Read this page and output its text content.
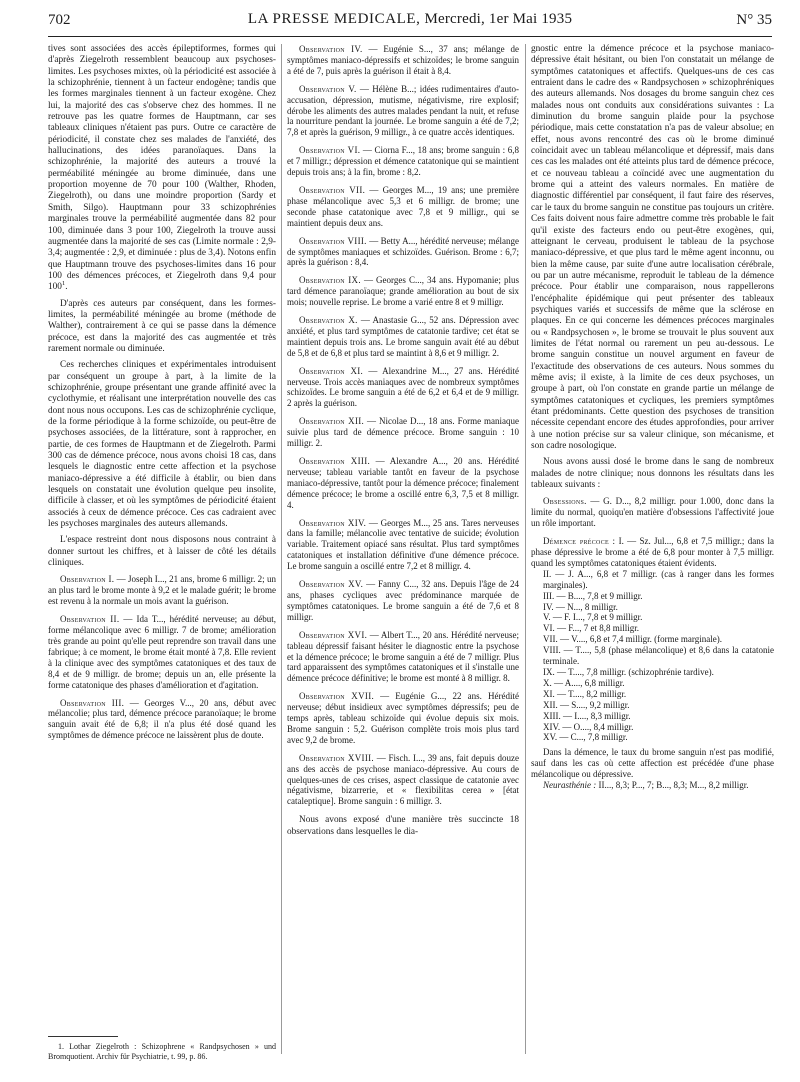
702	LA PRESSE MEDICALE, Mercredi, 1er Mai 1935	N° 35

tives sont associées des accès épileptiformes, formes qui d'après Ziegelroth ressemblent beaucoup aux psychoses-limites. Les psychoses mixtes, où la périodicité est associée à la schizophrénie, tiennent à un facteur endogène; tandis que les formes marginales tiennent à un facteur exogène. Chez lui, la majorité des cas s'observe chez des hommes. Il ne retrouve pas les quatre formes de Hauptmann, car ses tableaux cliniques n'étaient pas purs. Outre ce caractère de périodicité, il constate chez ses malades de l'anxiété, des hallucinations, des idées paranoïaques. Dans la schizophrénie, la majorité des auteurs a trouvé la perméabilité méningée au brome diminuée, dans une proportion moyenne de 70 pour 100 (Walther, Rhoden, Ziegelroth), ou dans une moindre proportion (Sardy et Smith, Silgo). Hauptmann pour 33 schizophrénies marginales trouve la perméabilité augmentée dans 82 pour 100, diminuée dans 3 pour 100, Ziegelroth la trouve aussi augmentée dans la majorité de ses cas (Limite normale : 2,9-3,4; augmentée : 2,9, et diminuée : plus de 3,4). Notons enfin que Hauptmann trouve des psychoses-limites dans 16 pour 100 des démences précoces, et Ziegelroth dans 9,4 pour $100^1$.

D'après ces auteurs par conséquent, dans les formes-limites, la perméabilité méningée au brome (méthode de Walther), contrairement à ce qui se passe dans la démence précoce, est dans la majorité des cas augmentée et très rarement normale ou diminuée.

Ces recherches cliniques et expérimentales introduisent par conséquent un groupe à part, à la limite de la schizophrénie, groupe présentant une grande affinité avec la cyclothymie, et réalisant une interprétation nouvelle des cas dont nous nous occupons. Les cas de schizophrénie cyclique, de la forme périodique à la forme schizoïde, ou peut-être de psychoses associées, de la littérature, sont à rapprocher, en partie, de ces formes de Hauptmann et de Ziegelroth. Parmi 300 cas de démence précoce, nous avons choisi 18 cas, dans lesquels le diagnostic entre cette affection et la psychose maniaco-dépressive a été difficile à établir, ou bien dans lesquels on constatait une évolution quelque peu insolite, difficile à classer, et où les symptômes de périodicité étaient associés à ceux de démence précoce. Ces cas cadraient avec les psychoses marginales des auteurs allemands.

L'espace restreint dont nous disposons nous contraint à donner surtout les chiffres, et à laisser de côté les détails cliniques.

Observation I. — Joseph I..., 21 ans, brome 6 milligr. 2; un an plus tard le brome monte à 9,2 et le malade guérit; le brome est revenu à la normale un mois avant la guérison.

Observation II. — Ida T..., hérédité nerveuse; au début, forme mélancolique avec 6 milligr. 7 de brome; amélioration très grande au point qu'elle peut reprendre son travail dans une fabrique; à ce moment, le brome était monté à 7,8. Elle revient à la clinique avec des symptômes catatoniques et des taux de 8,4 et de 9 milligr. de brome; depuis un an, elle présente la forme catatonique des phases d'amélioration et d'agitation.

Observation III. — Georges V..., 20 ans, début avec mélancolie; plus tard, démence précoce paranoïaque; le brome sanguin avait été de 6,8; il n'a plus été dosé quand les symptômes de démence précoce ne laissèrent plus de doute.

1. Lothar Ziegelroth : Schizophrene « Randpsychosen » und Bromquotient. Archiv für Psychiatrie, t. 99, p. 86.

Observation IV. — Eugénie S..., 37 ans; mélange de symptômes maniaco-dépressifs et schizoïdes; le brome sanguin a été de 7, puis après la guérison il était à 8,4.

Observation V. — Hélène B...; idées rudimentaires d'auto-accusation, dépression, mutisme, négativisme, rire explosif; dérobe les aliments des autres malades pendant la nuit, et refuse la nourriture pendant la journée. Le brome sanguin a été de 7,2; 7,8 et après la guérison, 9 milligr., à ce quatre accès identiques.

Observation VI. — Ciorna F..., 18 ans; brome sanguin : 6,8 et 7 milligr.; dépression et démence catatonique qui se maintient depuis trois ans; à la fin, brome : 8,2.

Observation VII. — Georges M..., 19 ans; une première phase mélancolique avec 5,3 et 6 milligr. de brome; une seconde phase catatonique avec 7,8 et 9 milligr., qui se maintient depuis deux ans.

Observation VIII. — Betty A..., hérédité nerveuse; mélange de symptômes maniaques et schizoïdes. Guérison. Brome : 6,7; après la guérison : 8,4.

Observation IX. — Georges C..., 34 ans. Hypomanie; plus tard démence paranoïaque; grande amélioration au bout de six mois; nouvelle reprise. Le brome a varié entre 8 et 9 milligr.

Observation X. — Anastasie G..., 52 ans. Dépression avec anxiété, et plus tard symptômes de catatonie tardive; cet état se maintient depuis trois ans. Le brome sanguin avait été au début de 5,8 et de 6,8 et plus tard se maintint à 8,6 et 9 milligr. 2.

Observation XI. — Alexandrine M..., 27 ans. Hérédité nerveuse. Trois accès maniaques avec de nombreux symptômes schizoïdes. Le brome sanguin a été de 6,2 et 6,4 et de 9 milligr. 2 après la guérison.

Observation XII. — Nicolae D..., 18 ans. Forme maniaque suivie plus tard de démence précoce. Brome sanguin : 10 milligr. 2.

Observation XIII. — Alexandre A..., 20 ans. Hérédité nerveuse; tableau variable tantôt en faveur de la psychose maniaco-dépressive, tantôt pour la démence précoce; finalement démence précoce; le brome a oscillé entre 6,3, 7,5 et 8 milligr. 4.

Observation XIV. — Georges M..., 25 ans. Tares nerveuses dans la famille; mélancolie avec tentative de suicide; évolution variable. Traitement opiacé sans résultat. Plus tard symptômes catatoniques et installation définitive d'une démence précoce. Le brome sanguin a oscillé entre 7,2 et 8 milligr. 4.

Observation XV. — Fanny C..., 32 ans. Depuis l'âge de 24 ans, phases cycliques avec prédominance marquée de symptômes catatoniques. Le brome sanguin a été de 7,6 et 8 milligr.

Observation XVI. — Albert T..., 20 ans. Hérédité nerveuse; tableau dépressif faisant hésiter le diagnostic entre la psychose et la démence précoce; le brome sanguin a été de 7 milligr. Plus tard apparaissent des symptômes catatoniques et il s'installe une démence précoce définitive; le brome est monté à 8 milligr. 8.

Observation XVII. — Eugénie G..., 22 ans. Hérédité nerveuse; début insidieux avec symptômes dépressifs; peu de temps après, tableau schizoïde qui évolue depuis six mois. Brome sanguin : 5,2. Guérison complète trois mois plus tard avec 9,2 de brome.

Observation XVIII. — Fisch. I..., 39 ans, fait depuis douze ans des accès de psychose maniaco-dépressive. Au cours de quelques-unes de ces crises, aspect classique de catatonie avec négativisme, bizarrerie, et « flexibilitas cerea » [état cataleptique]. Brome sanguin : 6 milligr. 3.

Nous avons exposé d'une manière très succincte 18 observations dans lesquelles le dia-

gnostic entre la démence précoce et la psychose maniaco-dépressive était hésitant, ou bien l'on constatait un mélange de symptômes catatoniques et affectifs. Quelques-uns de ces cas entraient dans le cadre des « Randpsychosen » schizophréniques des auteurs allemands. Nos dosages du brome sanguin chez ces malades nous ont conduits aux considérations suivantes : La diminution du brome sanguin plaide pour la psychose périodique, mais cette constatation n'a pas de valeur absolue; en effet, nous avons rencontré des cas où le brome diminué coïncidait avec un tableau mélancolique et dépressif, mais dans ces cas les malades ont été atteints plus tard de démence précoce, et ce nouveau tableau a coïncidé avec une augmentation du brome qui a atteint des valeurs normales. En matière de diagnostic différentiel par conséquent, il faut faire des réserves, car le taux du brome sanguin ne constitue pas toujours un critère. Ces faits doivent nous faire admettre comme très probable le fait qu'il existe des facteurs endo ou peut-être exogènes, qui, atteignant le cerveau, produisent le tableau de la psychose maniaco-dépressive, et que plus tard le même agent inconnu, ou bien la même cause, par suite d'une autre localisation cérébrale, ou par un autre mécanisme, reproduit le tableau de la démence précoce. Pour établir une comparaison, nous rappellerons l'encéphalite épidémique qui peut présenter des tableaux psychiques variés et successifs de même que la sclérose en plaques. En ce qui concerne les démences précoces marginales ou « Randpsychosen », le brome se trouvait le plus souvent aux limites de l'état normal ou rarement un peu au-dessous. Le brome sanguin constitue un nouvel argument en faveur de l'exactitude des observations de ces auteurs. Nous sommes du même avis; il existe, à la limite de ces deux psychoses, un groupe à part, où l'on constate en grande partie un mélange de symptômes catatoniques et cycliques, les premiers symptômes étant prédominants. Cette question des psychoses de transition nécessite cependant encore des études approfondies, pour arriver à une notion précise sur sa valeur clinique, son mécanisme, et son cadre nosologique.

Nous avons aussi dosé le brome dans le sang de nombreux malades de notre clinique; nous donnons les résultats dans les tableaux suivants :

Obsessions. — G. D..., 8,2 milligr. pour 1.000, donc dans la limite du normal, quoiqu'en matière d'obsessions l'affectivité joue un rôle important.

Démence précoce : I. — Sz. Jul..., 6,8 et 7,5 milligr.; dans la phase dépressive le brome a été de 6,8 pour monter à 7,5 milligr. quand les symptômes catatoniques étaient évidents.

II. — J. A..., 6,8 et 7 milligr. (cas à ranger dans les formes marginales).

III. — B...., 7,8 et 9 milligr.

IV. — N..., 8 milligr.

V. — F. I..., 7,8 et 9 milligr.

VI. — F..., 7 et 8,8 milligr.

VII. — V...., 6,8 et 7,4 milligr. (forme marginale).

VIII. — T...., 5,8 (phase mélancolique) et 8,6 dans la catatonie terminale.

IX. — T...., 7,8 milligr. (schizophrénie tardive).

X. — A...., 6,8 milligr.

XI. — T...., 8,2 milligr.

XII. — S...., 9,2 milligr.

XIII. — I...., 8,3 milligr.

XIV. — O...., 8,4 milligr.

XV. — C..., 7,8 milligr.

Dans la démence, le taux du brome sanguin n'est pas modifié, sauf dans les cas où cette affection est précédée d'une phase mélancolique ou dépressive.

Neurasthénie : II..., 8,3; P..., 7; B..., 8,3; M..., 8,2 milligr.
